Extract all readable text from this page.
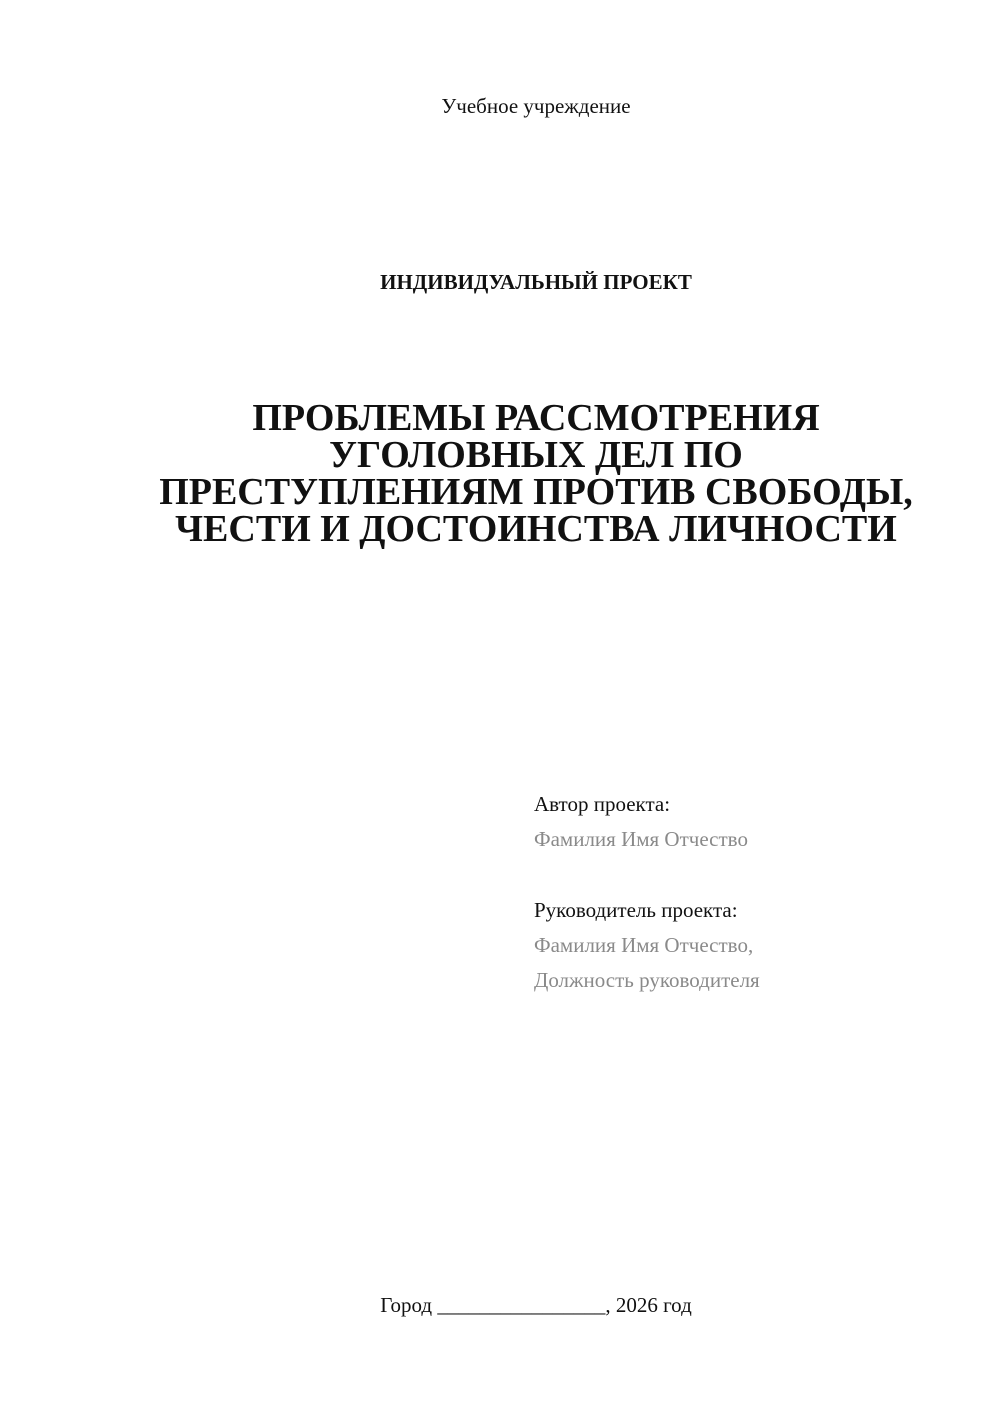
Учебное учреждение
ИНДИВИДУАЛЬНЫЙ ПРОЕКТ
ПРОБЛЕМЫ РАССМОТРЕНИЯ
УГОЛОВНЫХ ДЕЛ ПО
ПРЕСТУПЛЕНИЯМ ПРОТИВ СВОБОДЫ,
ЧЕСТИ И ДОСТОИНСТВА ЛИЧНОСТИ
Автор проекта:
Фамилия Имя Отчество
Руководитель проекта:
Фамилия Имя Отчество,
Должность руководителя
Город ________________, 2026 год
